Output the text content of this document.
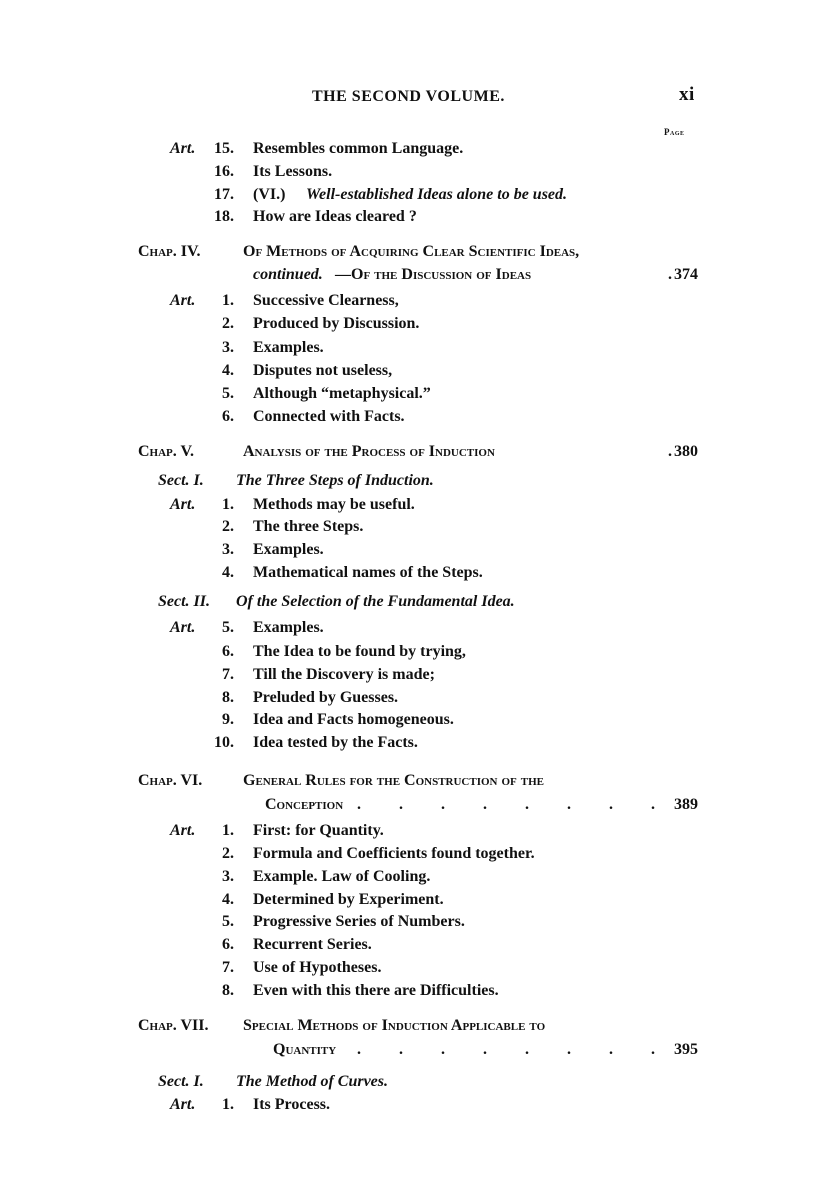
THE SECOND VOLUME.	xi
Page
Art. 15. Resembles common Language.
16. Its Lessons.
17. (VI.) Well-established Ideas alone to be used.
18. How are Ideas cleared ?
Chap. IV.	Of Methods of Acquiring Clear Scientific Ideas,
continued. —Of the Discussion of Ideas	. 374
Art. 1. Successive Clearness,
2. Produced by Discussion.
3. Examples.
4. Disputes not useless,
5. Although “metaphysical.”
6. Connected with Facts.
Chap. V.	Analysis of the Process of Induction	. 380
Sect. I. The Three Steps of Induction.
Art. 1. Methods may be useful.
2. The three Steps.
3. Examples.
4. Mathematical names of the Steps.
Sect. II. Of the Selection of the Fundamental Idea.
Art. 5. Examples.
6. The Idea to be found by trying,
7. Till the Discovery is made;
8. Preluded by Guesses.
9. Idea and Facts homogeneous.
10. Idea tested by the Facts.
Chap. VI.	General Rules for the Construction of the
Conception . . . . . . . . 389
Art. 1. First: for Quantity.
2. Formula and Coefficients found together.
3. Example. Law of Cooling.
4. Determined by Experiment.
5. Progressive Series of Numbers.
6. Recurrent Series.
7. Use of Hypotheses.
8. Even with this there are Difficulties.
Chap. VII. Special Methods of Induction Applicable to
Quantity . . . . . . . . 395
Sect. I. The Method of Curves.
Art. 1. Its Process.
